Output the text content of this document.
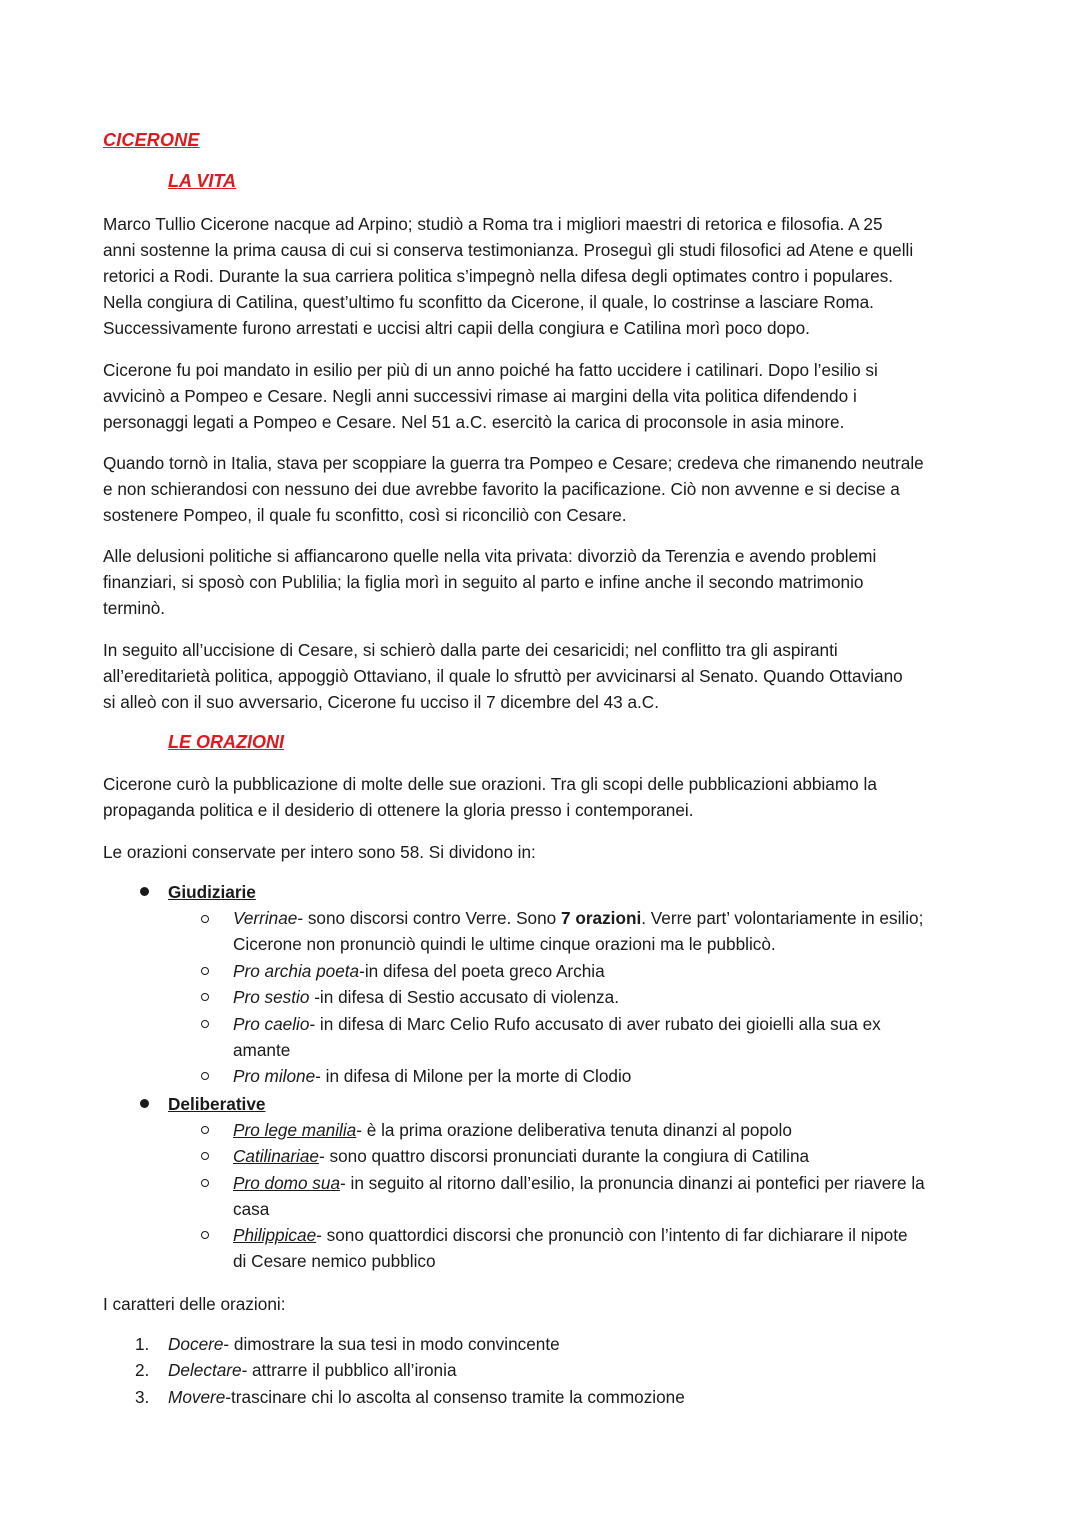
CICERONE
LA VITA
Marco Tullio Cicerone nacque ad Arpino; studiò a Roma tra i migliori maestri di retorica e filosofia. A 25
anni sostenne la prima causa di cui si conserva testimonianza. Proseguì gli studi filosofici ad Atene e quelli
retorici a Rodi. Durante la sua carriera politica s’impegnò nella difesa degli optimates contro i populares.
Nella congiura di Catilina, quest’ultimo fu sconfitto da Cicerone, il quale, lo costrinse a lasciare Roma.
Successivamente furono arrestati e uccisi altri capii della congiura e Catilina morì poco dopo.
Cicerone fu poi mandato in esilio per più di un anno poiché ha fatto uccidere i catilinari. Dopo l’esilio si
avvicinò a Pompeo e Cesare. Negli anni successivi rimase ai margini della vita politica difendendo i
personaggi legati a Pompeo e Cesare. Nel 51 a.C. esercitò la carica di proconsole in asia minore.
Quando tornò in Italia, stava per scoppiare la guerra tra Pompeo e Cesare; credeva che rimanendo neutrale
e non schierandosi con nessuno dei due avrebbe favorito la pacificazione. Ciò non avvenne e si decise a
sostenere Pompeo, il quale fu sconfitto, così si riconciliò con Cesare.
Alle delusioni politiche si affiancarono quelle nella vita privata: divorziò da Terenzia e avendo problemi
finanziari, si sposò con Publilia; la figlia morì in seguito al parto e infine anche il secondo matrimonio
terminò.
In seguito all’uccisione di Cesare, si schierò dalla parte dei cesaricidi; nel conflitto tra gli aspiranti
all’ereditarietà politica, appoggiò Ottaviano, il quale lo sfruttò per avvicinarsi al Senato. Quando Ottaviano
si alleò con il suo avversario, Cicerone fu ucciso il 7 dicembre del 43 a.C.
LE ORAZIONI
Cicerone curò la pubblicazione di molte delle sue orazioni. Tra gli scopi delle pubblicazioni abbiamo la
propaganda politica e il desiderio di ottenere la gloria presso i contemporanei.
Le orazioni conservate per intero sono 58. Si dividono in:
Giudiziarie
Verrinae- sono discorsi contro Verre. Sono 7 orazioni. Verre part’ volontariamente in esilio;
Cicerone non pronunciò quindi le ultime cinque orazioni ma le pubblicò.
Pro archia poeta-in difesa del poeta greco Archia
Pro sestio -in difesa di Sestio accusato di violenza.
Pro caelio- in difesa di Marc Celio Rufo accusato di aver rubato dei gioielli alla sua ex
amante
Pro milone- in difesa di Milone per la morte di Clodio
Deliberative
Pro lege manilia- è la prima orazione deliberativa tenuta dinanzi al popolo
Catilinariae- sono quattro discorsi pronunciati durante la congiura di Catilina
Pro domo sua- in seguito al ritorno dall’esilio, la pronuncia dinanzi ai pontefici per riavere la
casa
Philippicae- sono quattordici discorsi che pronunciò con l’intento di far dichiarare il nipote
di Cesare nemico pubblico
I caratteri delle orazioni:
1. Docere- dimostrare la sua tesi in modo convincente
2. Delectare- attrarre il pubblico all’ironia
3. Movere-trascinare chi lo ascolta al consenso tramite la commozione
